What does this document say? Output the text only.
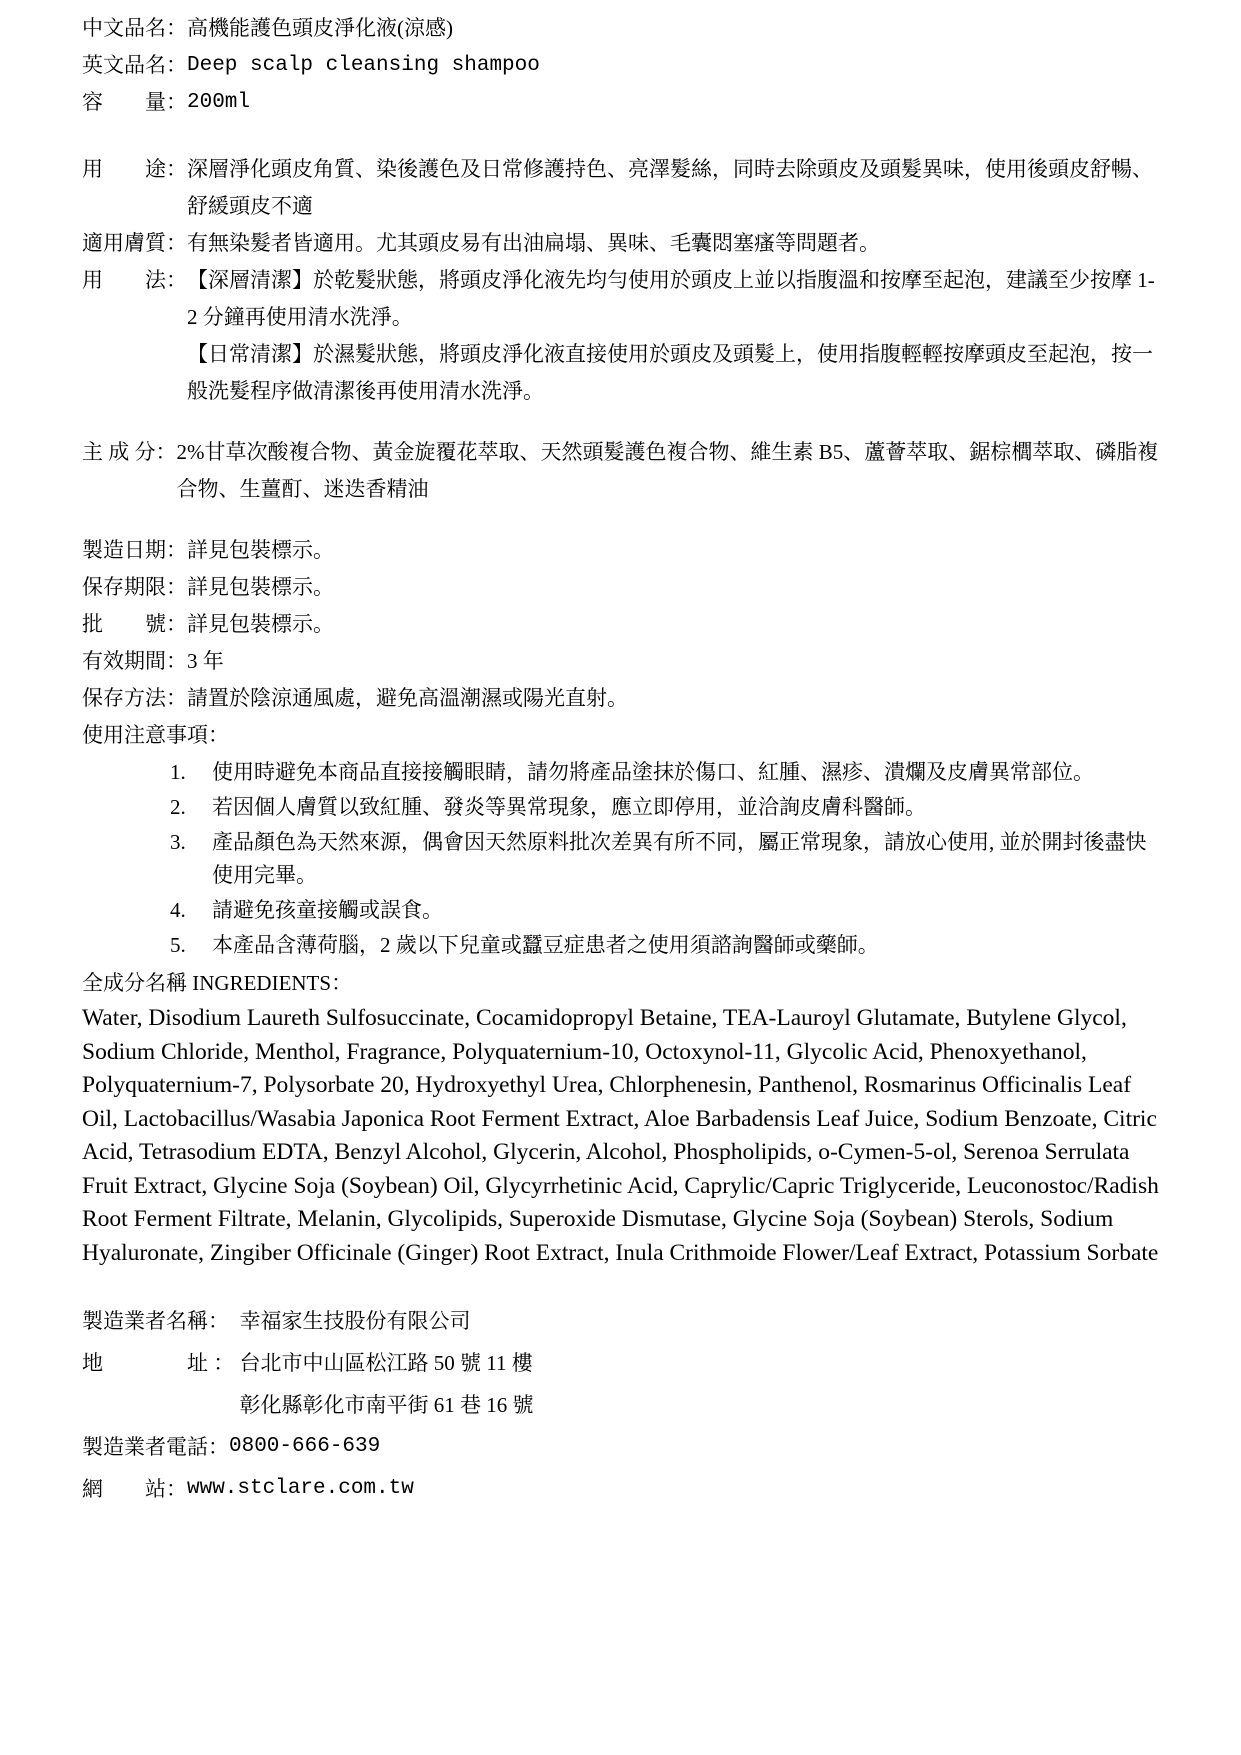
中文品名： 高機能護色頭皮淨化液(涼感)
英文品名： Deep scalp cleansing shampoo
容　　量： 200ml
用　　途： 深層淨化頭皮角質、染後護色及日常修護持色、亮澤髮絲，同時去除頭皮及頭髮異味，使用後頭皮舒暢、舒緩頭皮不適
適用膚質： 有無染髮者皆適用。尤其頭皮易有出油扁塌、異味、毛囊悶塞瘙等問題者。
用　　法： 【深層清潔】於乾髮狀態，將頭皮淨化液先均勻使用於頭皮上並以指腹溫和按摩至起泡，建議至少按摩 1-2 分鐘再使用清水洗淨。

【日常清潔】於濕髮狀態，將頭皮淨化液直接使用於頭皮及頭髮上，使用指腹輕輕按摩頭皮至起泡，按一般洗髮程序做清潔後再使用清水洗淨。

主 成 分： 2%甘草次酸複合物、黃金旋覆花萃取、天然頭髮護色複合物、維生素 B5、蘆薈萃取、鋸棕櫚萃取、磷脂複合物、生薑酊、迷迭香精油
製造日期： 詳見包裝標示。
保存期限： 詳見包裝標示。
批　　號： 詳見包裝標示。
有效期間： 3 年
保存方法： 請置於陰涼通風處，避免高溫潮濕或陽光直射。
使用注意事項：
1.	使用時避免本商品直接接觸眼睛，請勿將產品塗抹於傷口、紅腫、濕疹、潰爛及皮膚異常部位。
2.	若因個人膚質以致紅腫、發炎等異常現象，應立即停用，並洽詢皮膚科醫師。
3.	產品顏色為天然來源，偶會因天然原料批次差異有所不同，屬正常現象，請放心使用, 並於開封後盡快使用完畢。
4.	請避免孩童接觸或誤食。
5.	本產品含薄荷腦，2 歲以下兒童或蠶豆症患者之使用須諮詢醫師或藥師。
全成分名稱 INGREDIENTS：
Water, Disodium Laureth Sulfosuccinate, Cocamidopropyl Betaine, TEA-Lauroyl Glutamate, Butylene Glycol, Sodium Chloride, Menthol, Fragrance, Polyquaternium-10, Octoxynol-11, Glycolic Acid, Phenoxyethanol, Polyquaternium-7, Polysorbate 20, Hydroxyethyl Urea, Chlorphenesin, Panthenol, Rosmarinus Officinalis Leaf Oil, Lactobacillus/Wasabia Japonica Root Ferment Extract, Aloe Barbadensis Leaf Juice, Sodium Benzoate, Citric Acid, Tetrasodium EDTA, Benzyl Alcohol, Glycerin, Alcohol, Phospholipids, o-Cymen-5-ol, Serenoa Serrulata Fruit Extract, Glycine Soja (Soybean) Oil, Glycyrrhetinic Acid, Caprylic/Capric Triglyceride, Leuconostoc/Radish Root Ferment Filtrate, Melanin, Glycolipids, Superoxide Dismutase, Glycine Soja (Soybean) Sterols, Sodium Hyaluronate, Zingiber Officinale (Ginger) Root Extract, Inula Crithmoide Flower/Leaf Extract, Potassium Sorbate
製造業者名稱： 幸福家生技股份有限公司
地　　　　址 ： 台北市中山區松江路 50 號 11 樓

彰化縣彰化市南平街 61 巷 16 號

製造業者電話： 0800-666-639
網　　站： www.stclare.com.tw
